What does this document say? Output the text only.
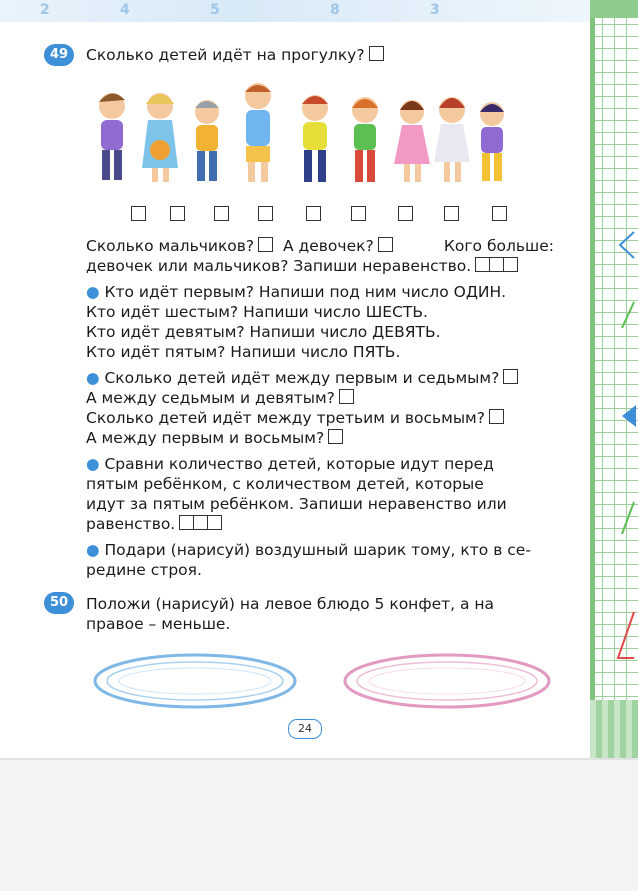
2	4	5	8	3
49	Сколько детей идёт на прогулку?
Сколько мальчиков? А девочек?	Кого больше:
девочек или мальчиков? Запиши неравенство.
● Кто идёт первым? Напиши под ним число ОДИН.
Кто идёт шестым? Напиши число ШЕСТЬ.
Кто идёт девятым? Напиши число ДЕВЯТЬ.
Кто идёт пятым? Напиши число ПЯТЬ.
● Сколько детей идёт между первым и седьмым?
А между седьмым и девятым?
Сколько детей идёт между третьим и восьмым?
А между первым и восьмым?
● Сравни количество детей, которые идут перед
пятым ребёнком, с количеством детей, которые
идут за пятым ребёнком. Запиши неравенство или
равенство.
● Подари (нарисуй) воздушный шарик тому, кто в се-
редине строя.
50	Положи (нарисуй) на левое блюдо 5 конфет, а на
правое – меньше.
24
